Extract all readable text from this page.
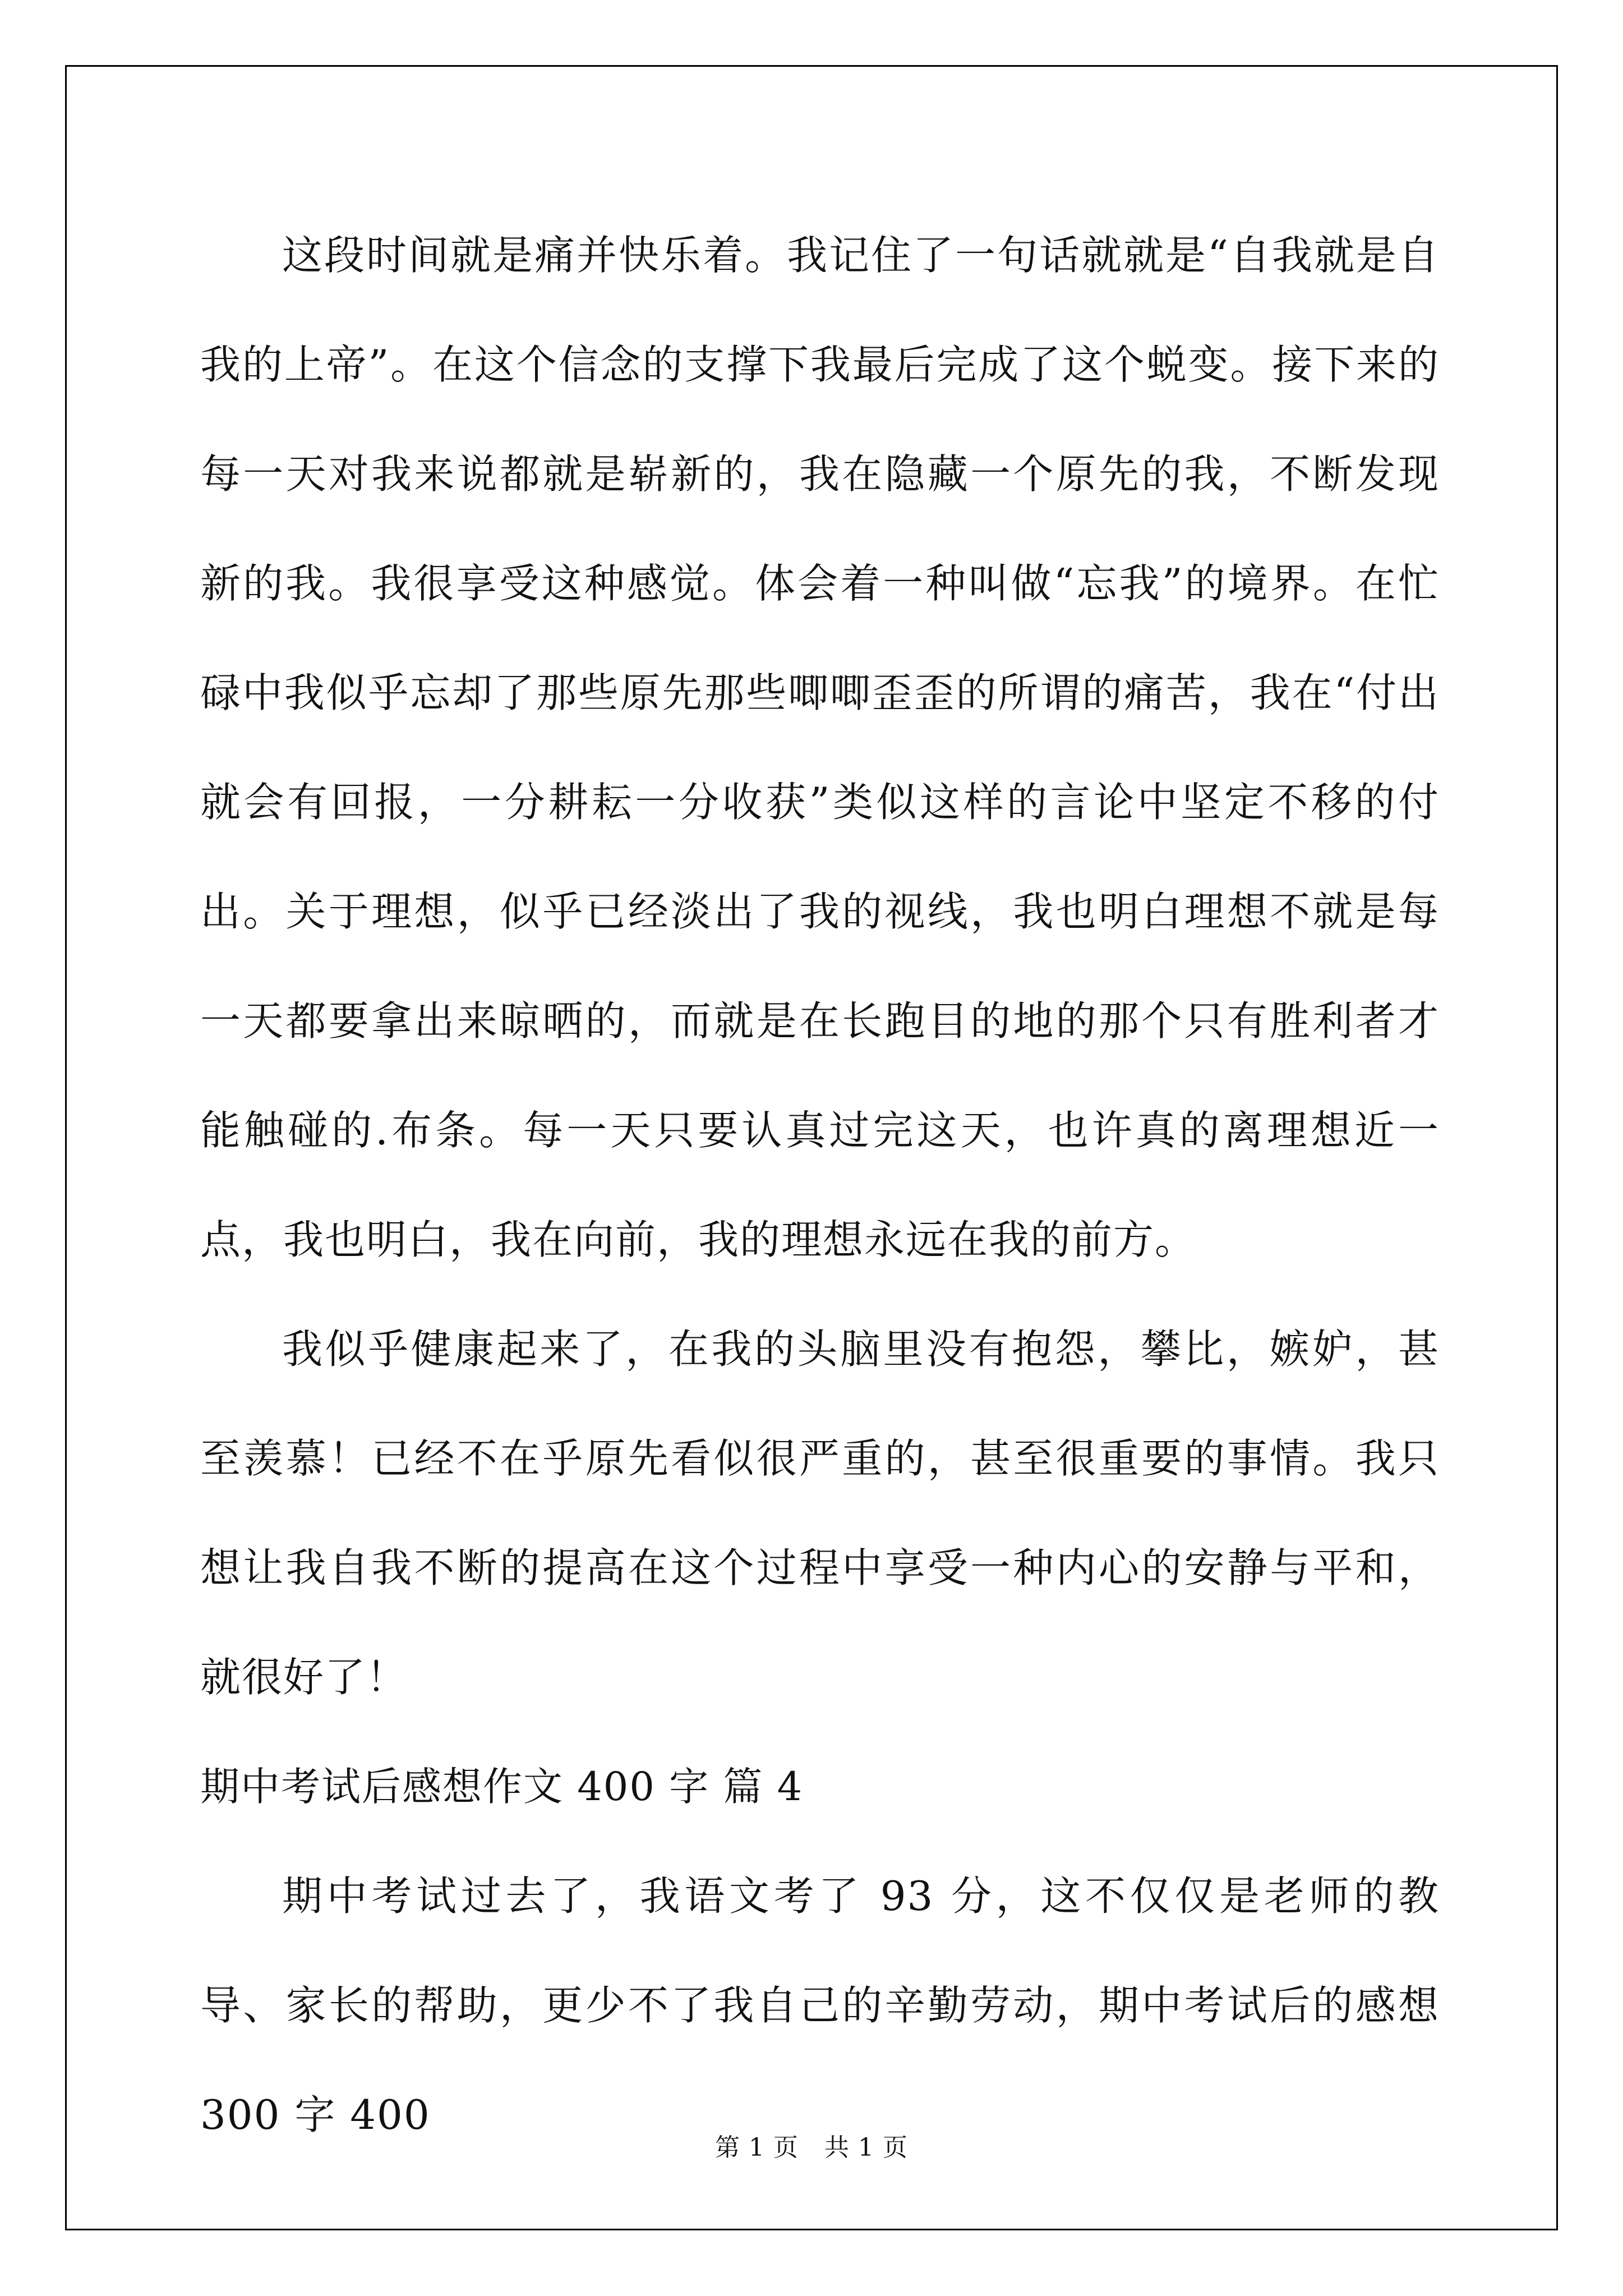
这段时间就是痛并快乐着。我记住了一句话就就是“自我就是自我的上帝”。在这个信念的支撑下我最后完成了这个蜕变。接下来的每一天对我来说都就是崭新的，我在隐藏一个原先的我，不断发现新的我。我很享受这种感觉。体会着一种叫做“忘我”的境界。在忙碌中我似乎忘却了那些原先那些唧唧歪歪的所谓的痛苦，我在“付出就会有回报，一分耕耘一分收获”类似这样的言论中坚定不移的付出。关于理想，似乎已经淡出了我的视线，我也明白理想不就是每一天都要拿出来晾晒的，而就是在长跑目的地的那个只有胜利者才能触碰的.布条。每一天只要认真过完这天，也许真的离理想近一点，我也明白，我在向前，我的理想永远在我的前方。

我似乎健康起来了，在我的头脑里没有抱怨，攀比，嫉妒，甚至羡慕！已经不在乎原先看似很严重的，甚至很重要的事情。我只想让我自我不断的提高在这个过程中享受一种内心的安静与平和，就很好了！

期中考试后感想作文 400 字 篇 4

期中考试过去了，我语文考了 93 分，这不仅仅是老师的教导、家长的帮助，更少不了我自己的辛勤劳动，期中考试后的感想 300 字 400

第 1 页 共 1 页
